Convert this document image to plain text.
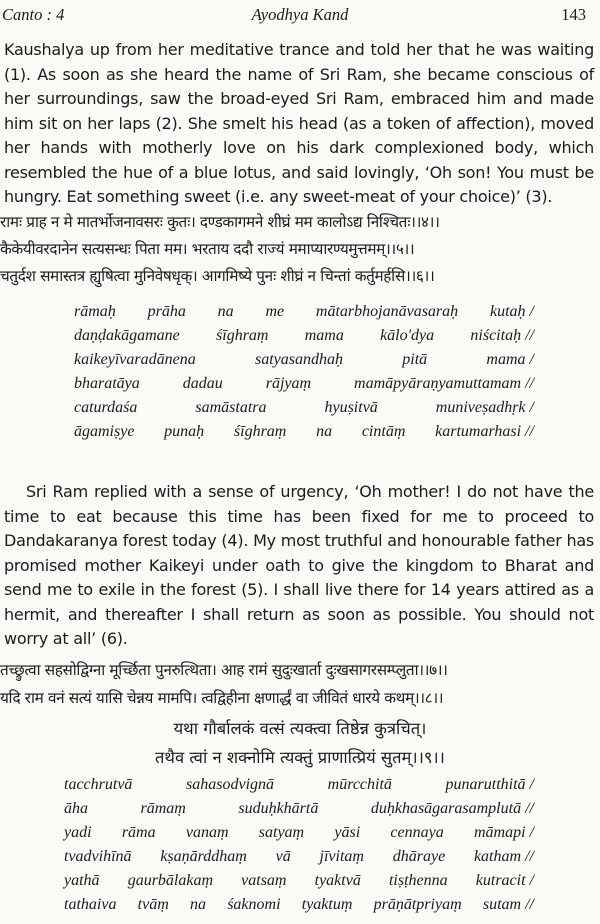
Canto : 4	Ayodhya Kand	143
Kaushalya up from her meditative trance and told her that he was waiting (1). As soon as she heard the name of Sri Ram, she became conscious of her surroundings, saw the broad-eyed Sri Ram, embraced him and made him sit on her laps (2). She smelt his head (as a token of affection), moved her hands with motherly love on his dark complexioned body, which resembled the hue of a blue lotus, and said lovingly, ‘Oh son! You must be hungry. Eat something sweet (i.e. any sweet-meat of your choice)’ (3).
रामः प्राह न मे मातर्भोजनावसरः कुतः। दण्डकागमने शीघ्रं मम कालोऽद्य निश्चितः।।४।।
कैकेयीवरदानेन सत्यसन्धः पिता मम। भरताय ददौ राज्यं ममाप्यारण्यमुत्तमम्।।५।।
चतुर्दश समास्तत्र ह्युषित्वा मुनिवेषधृक्। आगमिष्ये पुनः शीघ्रं न चिन्तां कर्तुमर्हसि।।६।।
rāmaḥ prāha na me mātarbhojanāvasaraḥ kutaḥ /
daṇḍakāgamane śīghraṃ mama kālo'dya niścitaḥ //
kaikeyīvaradānena	satyasandhaḥ	pitā	mama /
bharatāya	dadau	rājyaṃ	mamāpyāraṇyamuttamam //
caturdaśa	samāstatra	hyuṣitvā	muniveṣadhṛk /
āgamiṣye punaḥ śīghraṃ na cintāṃ kartumarhasi //
Sri Ram replied with a sense of urgency, ‘Oh mother! I do not have the time to eat because this time has been fixed for me to proceed to Dandakaranya forest today (4). My most truthful and honourable father has promised mother Kaikeyi under oath to give the kingdom to Bharat and send me to exile in the forest (5). I shall live there for 14 years attired as a hermit, and thereafter I shall return as soon as possible. You should not worry at all’ (6).
तच्छ्रुत्वा सहसोद्विग्ना मूर्च्छिता पुनरुत्थिता। आह रामं सुदुःखार्ता दुःखसागरसम्प्लुता।।७।।
यदि राम वनं सत्यं यासि चेन्नय मामपि। त्वद्विहीना क्षणार्द्धं वा जीवितं धारये कथम्।।८।।
यथा गौर्बालकं वत्सं त्यक्त्वा तिष्ठेन्न कुत्रचित्।
तथैव त्वां न शक्नोमि त्यक्तुं प्राणात्प्रियं सुतम्।।९।।
tacchrutvā	sahasodvignā	mūrcchitā	punarutthitā /
āha	rāmaṃ	suduḥkhārtā	duḥkhasāgarasamplutā //
yadi rāma vanaṃ satyaṃ yāsi cennaya māmapi /
tvadvihīnā kṣaṇārddhaṃ vā jīvitaṃ dhāraye katham //
yathā gaurbālakaṃ vatsaṃ tyaktvā tiṣṭhenna kutracit /
tathaiva tvāṃ na śaknomi tyaktuṃ prāṇātpriyaṃ sutam //
